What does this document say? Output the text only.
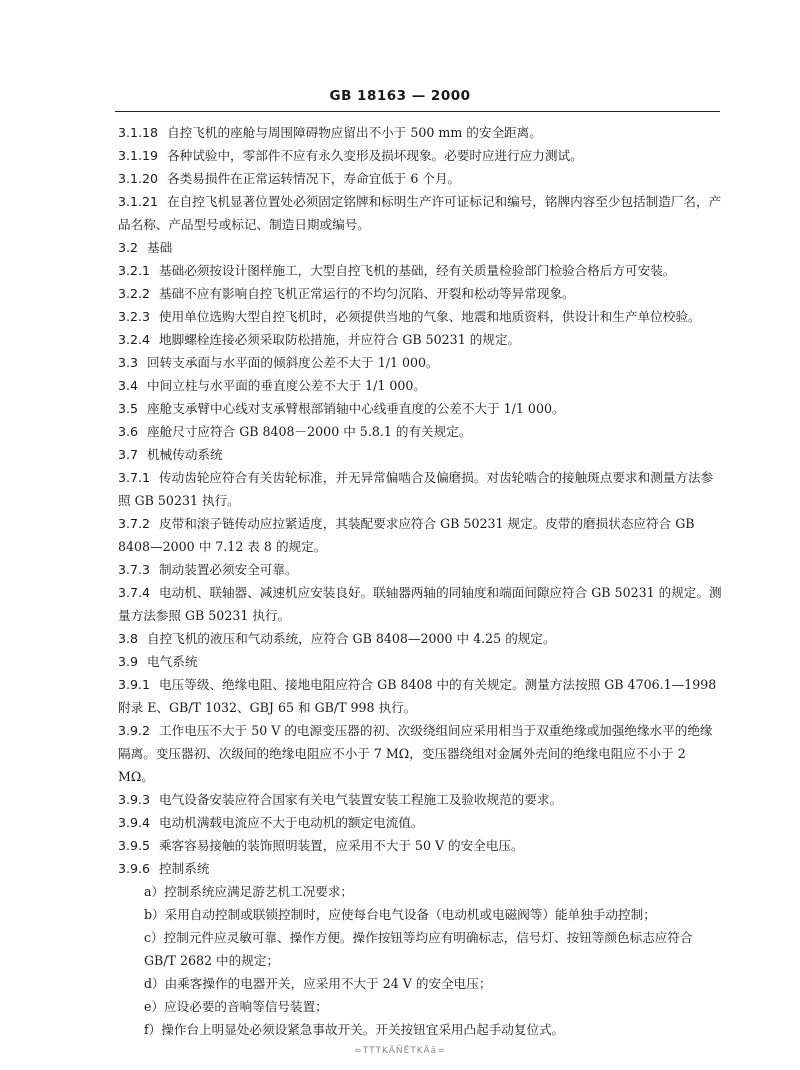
GB 18163 — 2000

3.1.18 自控飞机的座舱与周围障碍物应留出不小于 500 mm 的安全距离。

3.1.19 各种试验中，零部件不应有永久变形及损坏现象。必要时应进行应力测试。

3.1.20 各类易损件在正常运转情况下，寿命宜低于 6 个月。

3.1.21 在自控飞机显著位置处必须固定铭牌和标明生产许可证标记和编号，铭牌内容至少包括制造厂名，产品名称、产品型号或标记、制造日期或编号。

3.2 基础

3.2.1 基础必须按设计图样施工，大型自控飞机的基础，经有关质量检验部门检验合格后方可安装。

3.2.2 基础不应有影响自控飞机正常运行的不均匀沉陷、开裂和松动等异常现象。

3.2.3 使用单位选购大型自控飞机时，必须提供当地的气象、地震和地质资料，供设计和生产单位校验。

3.2.4 地脚螺栓连接必须采取防松措施，并应符合 GB 50231 的规定。

3.3 回转支承面与水平面的倾斜度公差不大于 1/1 000。

3.4 中间立柱与水平面的垂直度公差不大于 1/1 000。

3.5 座舱支承臂中心线对支承臂根部销轴中心线垂直度的公差不大于 1/1 000。

3.6 座舱尺寸应符合 GB 8408－2000 中 5.8.1 的有关规定。

3.7 机械传动系统

3.7.1 传动齿轮应符合有关齿轮标准，并无异常偏啮合及偏磨损。对齿轮啮合的接触斑点要求和测量方法参照 GB 50231 执行。

3.7.2 皮带和滚子链传动应拉紧适度，其装配要求应符合 GB 50231 规定。皮带的磨损状态应符合 GB 8408—2000 中 7.12 表 8 的规定。

3.7.3 制动装置必须安全可靠。

3.7.4 电动机、联轴器、减速机应安装良好。联轴器两轴的同轴度和端面间隙应符合 GB 50231 的规定。测量方法参照 GB 50231 执行。

3.8 自控飞机的液压和气动系统，应符合 GB 8408—2000 中 4.25 的规定。

3.9 电气系统

3.9.1 电压等级、绝缘电阻、接地电阻应符合 GB 8408 中的有关规定。测量方法按照 GB 4706.1—1998 附录 E、GB/T 1032、GBJ 65 和 GB/T 998 执行。

3.9.2 工作电压不大于 50 V 的电源变压器的初、次级绕组间应采用相当于双重绝缘或加强绝缘水平的绝缘隔离。变压器初、次级间的绝缘电阻应不小于 7 MΩ，变压器绕组对金属外壳间的绝缘电阻应不小于 2 MΩ。

3.9.3 电气设备安装应符合国家有关电气装置安装工程施工及验收规范的要求。

3.9.4 电动机满载电流应不大于电动机的额定电流值。

3.9.5 乘客容易接触的装饰照明装置，应采用不大于 50 V 的安全电压。

3.9.6 控制系统

a）控制系统应满足游艺机工况要求；

b）采用自动控制或联锁控制时，应使每台电气设备（电动机或电磁阀等）能单独手动控制；

c）控制元件应灵敏可靠、操作方便。操作按钮等均应有明确标志，信号灯、按钮等颜色标志应符合 GB/T 2682 中的规定；

d）由乘客操作的电器开关，应采用不大于 24 V 的安全电压；

e）应设必要的音响等信号装置；

f）操作台上明显处必须设紧急事故开关。开关按钮宜采用凸起手动复位式。

=TTTKÄÑËTKÄä=
